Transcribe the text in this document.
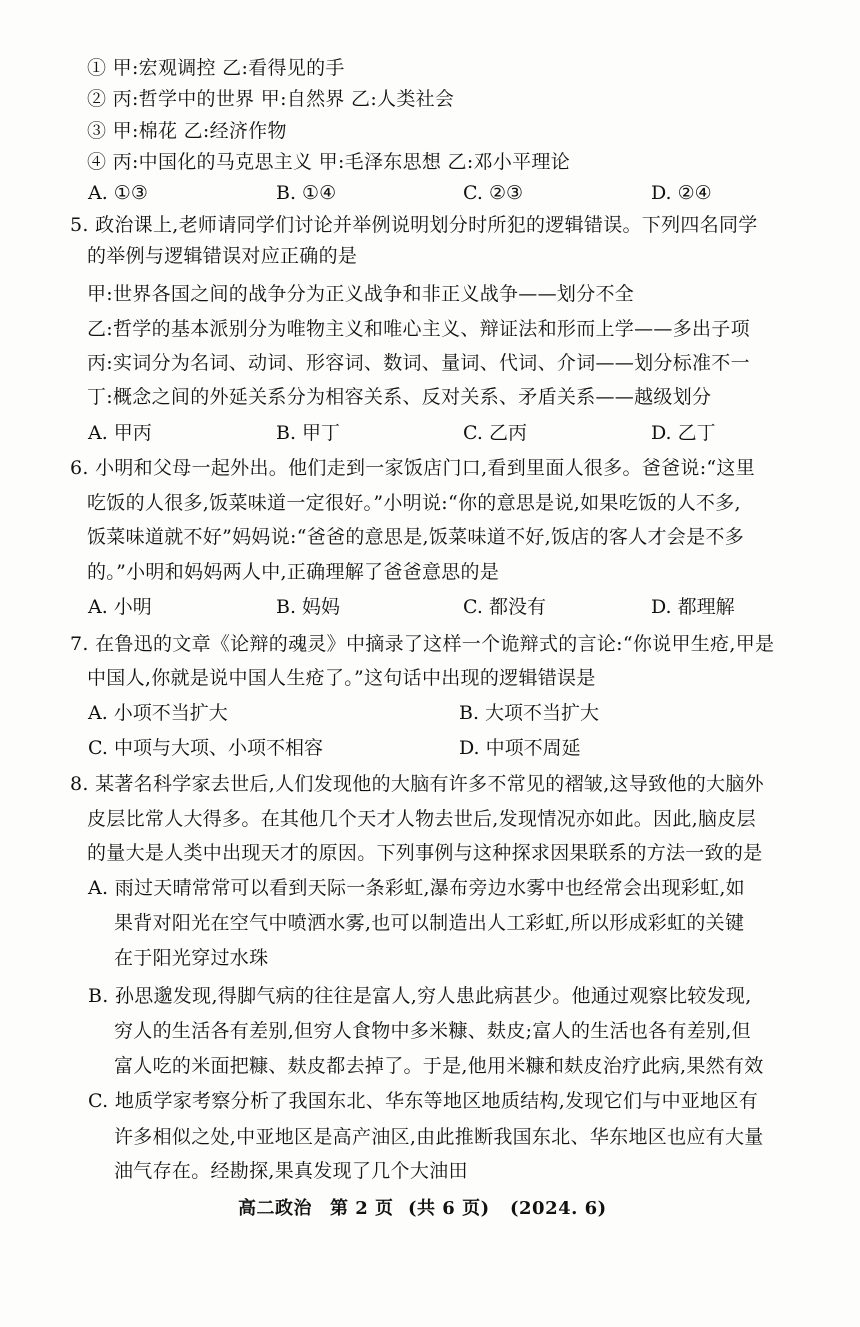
① 甲:宏观调控 乙:看得见的手
② 丙:哲学中的世界 甲:自然界 乙:人类社会
③ 甲:棉花 乙:经济作物
④ 丙:中国化的马克思主义 甲:毛泽东思想 乙:邓小平理论
A. ①③	B. ①④	C. ②③	D. ②④
5. 政治课上,老师请同学们讨论并举例说明划分时所犯的逻辑错误。下列四名同学
的举例与逻辑错误对应正确的是
甲:世界各国之间的战争分为正义战争和非正义战争——划分不全
乙:哲学的基本派别分为唯物主义和唯心主义、辩证法和形而上学——多出子项
丙:实词分为名词、动词、形容词、数词、量词、代词、介词——划分标准不一
丁:概念之间的外延关系分为相容关系、反对关系、矛盾关系——越级划分
A. 甲丙	B. 甲丁	C. 乙丙	D. 乙丁
6. 小明和父母一起外出。他们走到一家饭店门口,看到里面人很多。爸爸说:“这里
吃饭的人很多,饭菜味道一定很好。”小明说:“你的意思是说,如果吃饭的人不多,
饭菜味道就不好”妈妈说:“爸爸的意思是,饭菜味道不好,饭店的客人才会是不多
的。”小明和妈妈两人中,正确理解了爸爸意思的是
A. 小明	B. 妈妈	C. 都没有	D. 都理解
7. 在鲁迅的文章《论辩的魂灵》中摘录了这样一个诡辩式的言论:“你说甲生疮,甲是
中国人,你就是说中国人生疮了。”这句话中出现的逻辑错误是
A. 小项不当扩大	B. 大项不当扩大
C. 中项与大项、小项不相容	D. 中项不周延
8. 某著名科学家去世后,人们发现他的大脑有许多不常见的褶皱,这导致他的大脑外
皮层比常人大得多。在其他几个天才人物去世后,发现情况亦如此。因此,脑皮层
的量大是人类中出现天才的原因。下列事例与这种探求因果联系的方法一致的是
A. 雨过天晴常常可以看到天际一条彩虹,瀑布旁边水雾中也经常会出现彩虹,如
果背对阳光在空气中喷洒水雾,也可以制造出人工彩虹,所以形成彩虹的关键
在于阳光穿过水珠
B. 孙思邈发现,得脚气病的往往是富人,穷人患此病甚少。他通过观察比较发现,
穷人的生活各有差别,但穷人食物中多米糠、麸皮;富人的生活也各有差别,但
富人吃的米面把糠、麸皮都去掉了。于是,他用米糠和麸皮治疗此病,果然有效
C. 地质学家考察分析了我国东北、华东等地区地质结构,发现它们与中亚地区有
许多相似之处,中亚地区是高产油区,由此推断我国东北、华东地区也应有大量
油气存在。经勘探,果真发现了几个大油田
高二政治 第 2 页 (共 6 页) (2024. 6)
